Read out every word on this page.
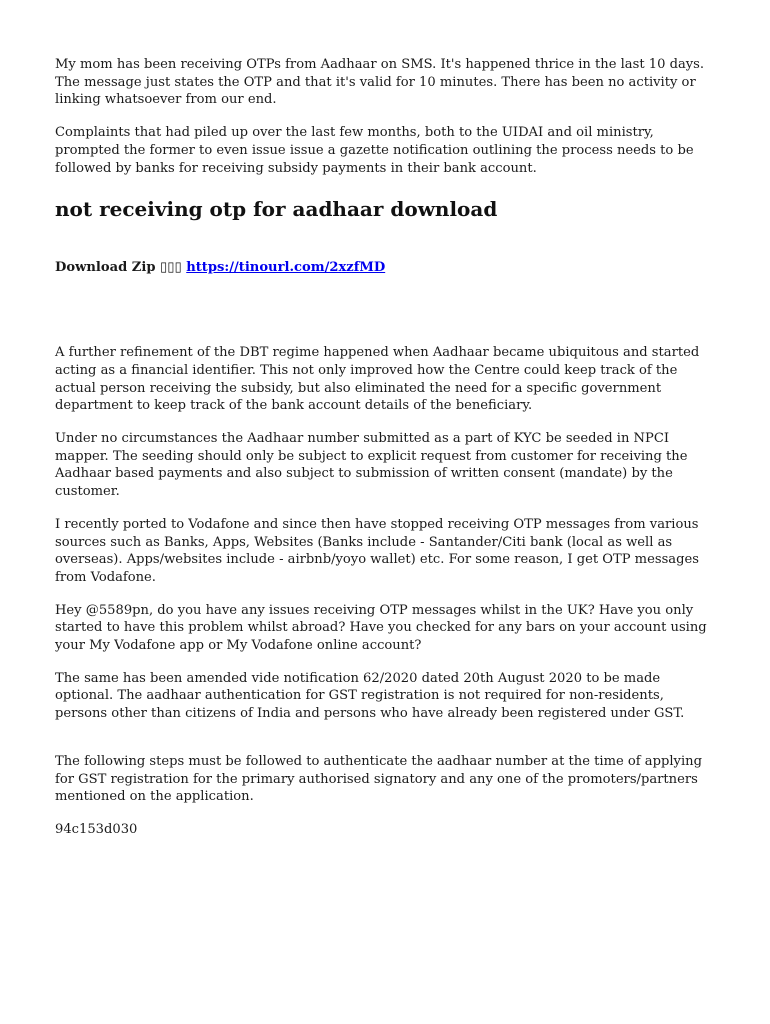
My mom has been receiving OTPs from Aadhaar on SMS. It's happened thrice in the last 10 days. The message just states the OTP and that it's valid for 10 minutes. There has been no activity or linking whatsoever from our end.

Complaints that had piled up over the last few months, both to the UIDAI and oil ministry, prompted the former to even issue issue a gazette notification outlining the process needs to be followed by banks for receiving subsidy payments in their bank account.

not receiving otp for aadhaar download
Download Zip ▯▯▯ https://tinourl.com/2xzfMD

A further refinement of the DBT regime happened when Aadhaar became ubiquitous and started acting as a financial identifier. This not only improved how the Centre could keep track of the actual person receiving the subsidy, but also eliminated the need for a specific government department to keep track of the bank account details of the beneficiary.

Under no circumstances the Aadhaar number submitted as a part of KYC be seeded in NPCI mapper. The seeding should only be subject to explicit request from customer for receiving the Aadhaar based payments and also subject to submission of written consent (mandate) by the customer.

I recently ported to Vodafone and since then have stopped receiving OTP messages from various sources such as Banks, Apps, Websites (Banks include - Santander/Citi bank (local as well as overseas). Apps/websites include - airbnb/yoyo wallet) etc. For some reason, I get OTP messages from Vodafone.

Hey @5589pn, do you have any issues receiving OTP messages whilst in the UK? Have you only started to have this problem whilst abroad? Have you checked for any bars on your account using your My Vodafone app or My Vodafone online account?

The same has been amended vide notification 62/2020 dated 20th August 2020 to be made optional. The aadhaar authentication for GST registration is not required for non-residents, persons other than citizens of India and persons who have already been registered under GST.

The following steps must be followed to authenticate the aadhaar number at the time of applying for GST registration for the primary authorised signatory and any one of the promoters/partners mentioned on the application.

94c153d030
